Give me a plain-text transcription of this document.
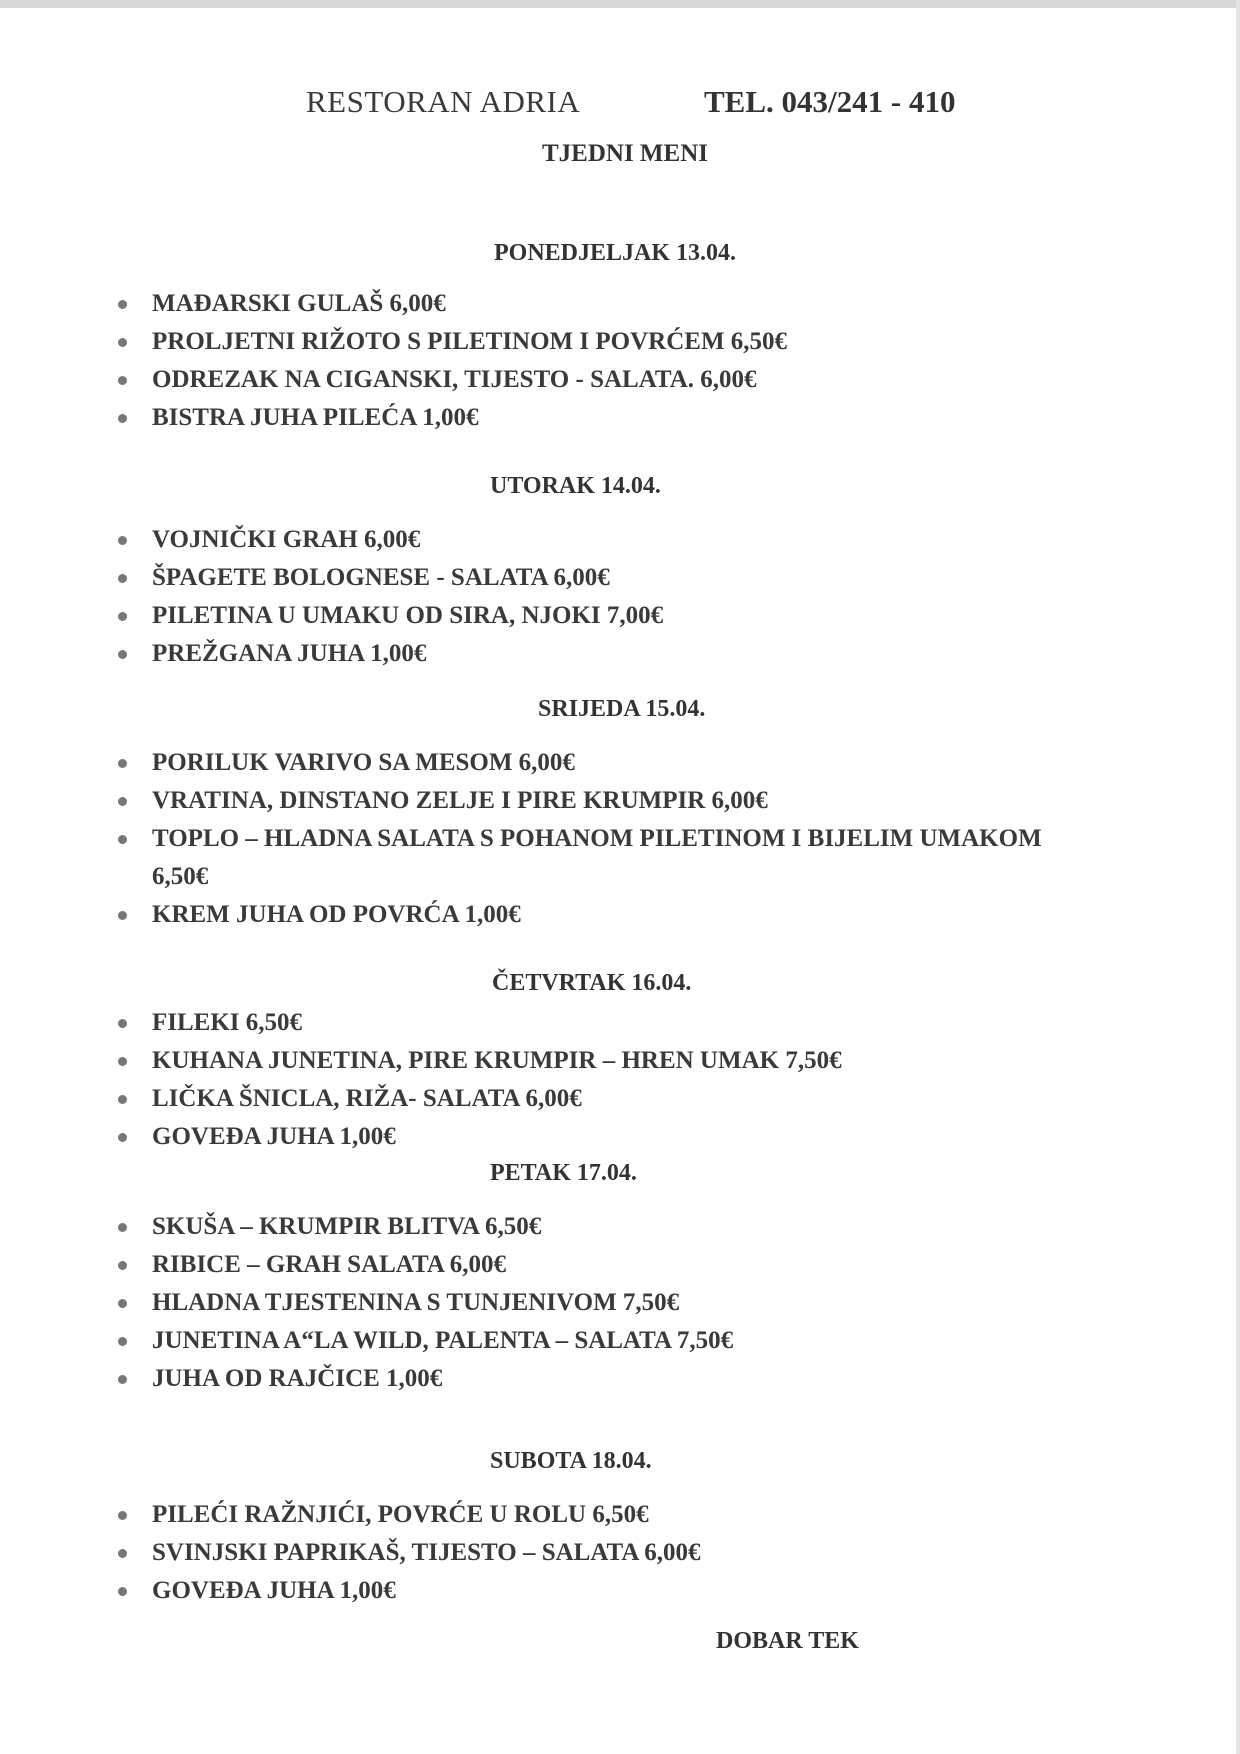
RESTORAN ADRIA	TEL. 043/241 - 410
TJEDNI MENI
PONEDJELJAK 13.04.
MAĐARSKI GULAŠ 6,00€
PROLJETNI RIŽOTO S PILETINOM I POVRĆEM 6,50€
ODREZAK NA CIGANSKI, TIJESTO - SALATA. 6,00€
BISTRA JUHA PILEĆA 1,00€
UTORAK 14.04.
VOJNIČKI GRAH 6,00€
ŠPAGETE BOLOGNESE - SALATA 6,00€
PILETINA U UMAKU OD SIRA, NJOKI 7,00€
PREŽGANA JUHA 1,00€
SRIJEDA 15.04.
PORILUK VARIVO SA MESOM 6,00€
VRATINA, DINSTANO ZELJE I PIRE KRUMPIR 6,00€
TOPLO – HLADNA SALATA S POHANOM PILETINOM I BIJELIM UMAKOM 6,50€
KREM JUHA OD POVRĆA 1,00€
ČETVRTAK 16.04.
FILEKI 6,50€
KUHANA JUNETINA, PIRE KRUMPIR – HREN UMAK 7,50€
LIČKA ŠNICLA, RIŽA- SALATA 6,00€
GOVEĐA JUHA 1,00€
PETAK 17.04.
SKUŠA – KRUMPIR BLITVA 6,50€
RIBICE – GRAH SALATA 6,00€
HLADNA TJESTENINA S TUNJENIVOM 7,50€
JUNETINA A“LA WILD, PALENTA – SALATA 7,50€
JUHA OD RAJČICE 1,00€
SUBOTA 18.04.
PILEĆI RAŽNJIĆI, POVRĆE U ROLU 6,50€
SVINJSKI PAPRIKAŠ, TIJESTO – SALATA 6,00€
GOVEĐA JUHA 1,00€
DOBAR TEK
